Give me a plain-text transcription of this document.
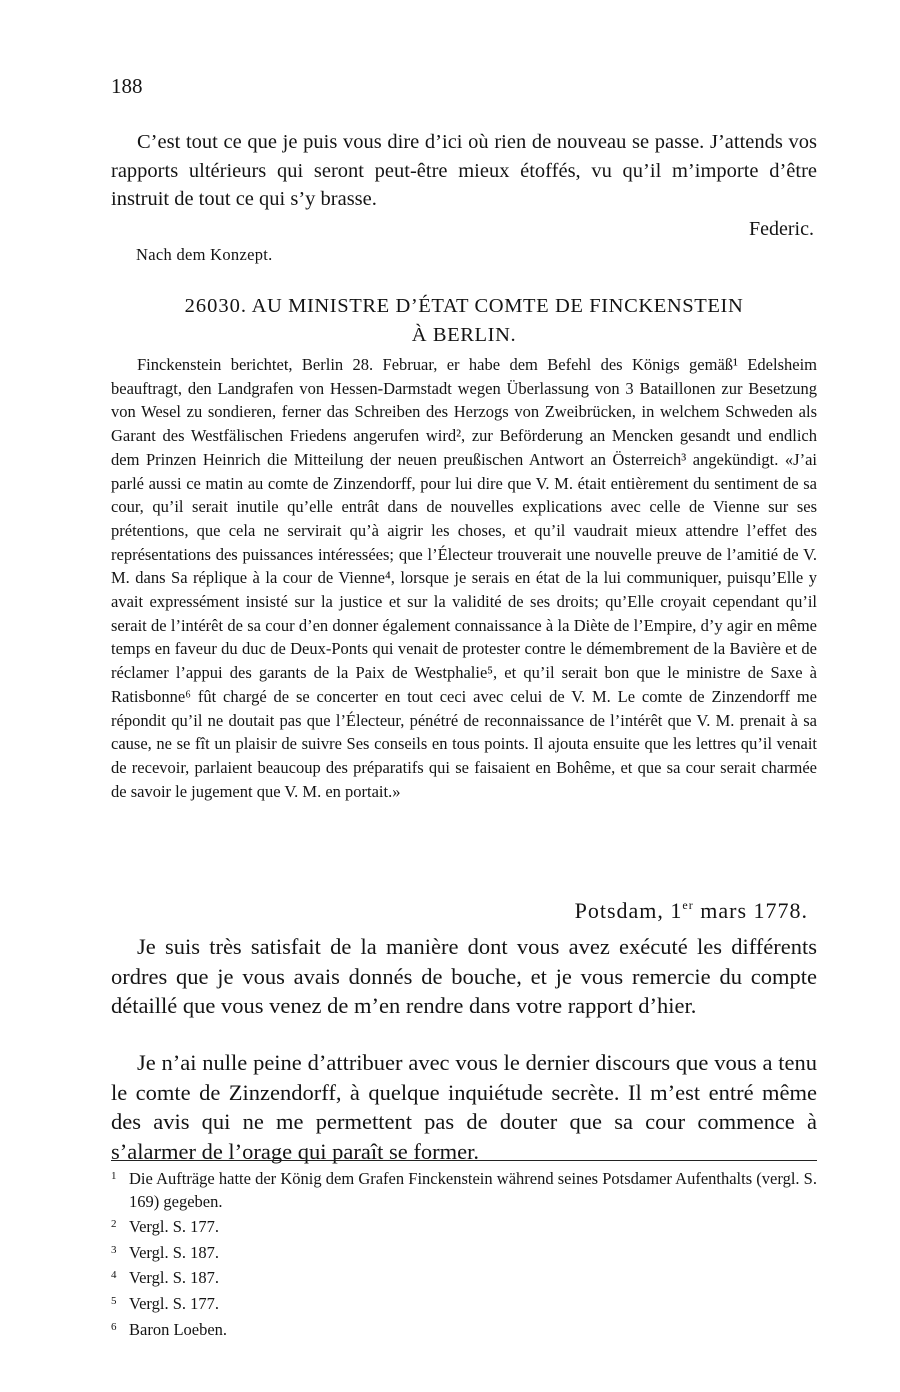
188

C’est tout ce que je puis vous dire d’ici où rien de nouveau se passe. J’attends vos rapports ultérieurs qui seront peut-être mieux étoffés, vu qu’il m’importe d’être instruit de tout ce qui s’y brasse.

Federic.
Nach dem Konzept.
26030. AU MINISTRE D’ÉTAT COMTE DE FINCKENSTEIN
À BERLIN.

Finckenstein berichtet, Berlin 28. Februar, er habe dem Befehl des Königs gemäß¹ Edelsheim beauftragt, den Landgrafen von Hessen-Darmstadt wegen Überlassung von 3 Bataillonen zur Besetzung von Wesel zu sondieren, ferner das Schreiben des Herzogs von Zweibrücken, in welchem Schweden als Garant des Westfälischen Friedens angerufen wird², zur Beförderung an Mencken gesandt und endlich dem Prinzen Heinrich die Mitteilung der neuen preußischen Antwort an Österreich³ angekündigt. «J’ai parlé aussi ce matin au comte de Zinzendorff, pour lui dire que V. M. était entièrement du sentiment de sa cour, qu’il serait inutile qu’elle entrât dans de nouvelles explications avec celle de Vienne sur ses prétentions, que cela ne servirait qu’à aigrir les choses, et qu’il vaudrait mieux attendre l’effet des représentations des puissances intéressées; que l’Électeur trouverait une nouvelle preuve de l’amitié de V. M. dans Sa réplique à la cour de Vienne⁴, lorsque je serais en état de la lui communiquer, puisqu’Elle y avait expressément insisté sur la justice et sur la validité de ses droits; qu’Elle croyait cependant qu’il serait de l’intérêt de sa cour d’en donner également connaissance à la Diète de l’Empire, d’y agir en même temps en faveur du duc de Deux-Ponts qui venait de protester contre le démembrement de la Bavière et de réclamer l’appui des garants de la Paix de Westphalie⁵, et qu’il serait bon que le ministre de Saxe à Ratisbonne⁶ fût chargé de se concerter en tout ceci avec celui de V. M. Le comte de Zinzendorff me répondit qu’il ne doutait pas que l’Électeur, pénétré de reconnaissance de l’intérêt que V. M. prenait à sa cause, ne se fît un plaisir de suivre Ses conseils en tous points. Il ajouta ensuite que les lettres qu’il venait de recevoir, parlaient beaucoup des préparatifs qui se faisaient en Bohême, et que sa cour serait charmée de savoir le jugement que V. M. en portait.»

Potsdam, 1er mars 1778.

Je suis très satisfait de la manière dont vous avez exécuté les différents ordres que je vous avais donnés de bouche, et je vous remercie du compte détaillé que vous venez de m’en rendre dans votre rapport d’hier.

Je n’ai nulle peine d’attribuer avec vous le dernier discours que vous a tenu le comte de Zinzendorff, à quelque inquiétude secrète. Il m’est entré même des avis qui ne me permettent pas de douter que sa cour commence à s’alarmer de l’orage qui paraît se former.

1 Die Aufträge hatte der König dem Grafen Finckenstein während seines Potsdamer Aufenthalts (vergl. S. 169) gegeben.
2 Vergl. S. 177.
3 Vergl. S. 187.
4 Vergl. S. 187.
5 Vergl. S. 177.
6 Baron Loeben.
